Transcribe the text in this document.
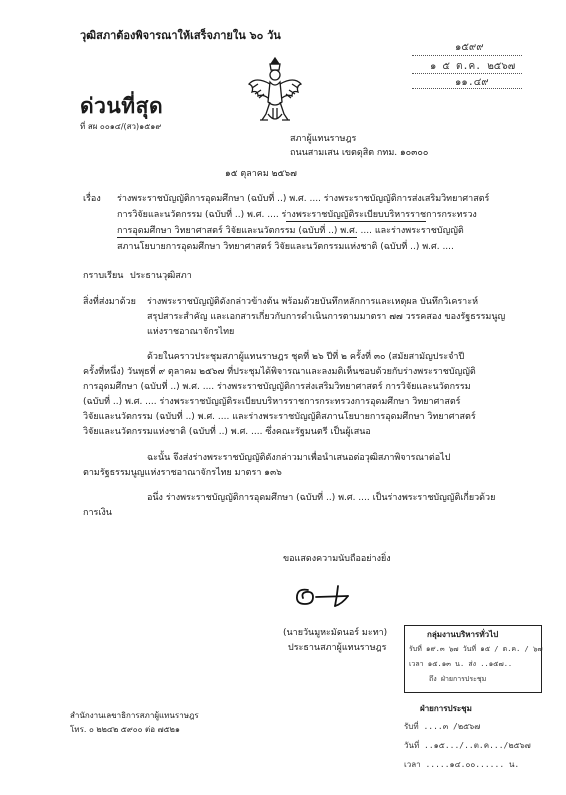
วุฒิสภาต้องพิจารณาให้เสร็จภายใน ๖๐ วัน
ด่วนที่สุด
ที่ สผ ๐๐๑๔/(สว)๑๕๑๙
๑๕๙๙
๑ ๕ ต.ค. ๒๕๖๗
๑๑.๔๙
สภาผู้แทนราษฎร
ถนนสามเสน เขตดุสิต กทม. ๑๐๓๐๐
๑๕ ตุลาคม ๒๕๖๗
เรื่อง ร่างพระราชบัญญัติการอุดมศึกษา (ฉบับที่ ..) พ.ศ. .... ร่างพระราชบัญญัติการส่งเสริมวิทยาศาสตร์
การวิจัยและนวัตกรรม (ฉบับที่ ..) พ.ศ. .... ร่างพระราชบัญญัติระเบียบบริหารราชการกระทรวง
การอุดมศึกษา วิทยาศาสตร์ วิจัยและนวัตกรรม (ฉบับที่ ..) พ.ศ. .... และร่างพระราชบัญญัติ
สภานโยบายการอุดมศึกษา วิทยาศาสตร์ วิจัยและนวัตกรรมแห่งชาติ (ฉบับที่ ..) พ.ศ. ....
กราบเรียน ประธานวุฒิสภา
สิ่งที่ส่งมาด้วย ร่างพระราชบัญญัติดังกล่าวข้างต้น พร้อมด้วยบันทึกหลักการและเหตุผล บันทึกวิเคราะห์
สรุปสาระสำคัญ และเอกสารเกี่ยวกับการดำเนินการตามมาตรา ๗๗ วรรคสอง ของรัฐธรรมนูญ
แห่งราชอาณาจักรไทย
ด้วยในคราวประชุมสภาผู้แทนราษฎร ชุดที่ ๒๖ ปีที่ ๒ ครั้งที่ ๓๐ (สมัยสามัญประจำปี
ครั้งที่หนึ่ง) วันพุธที่ ๙ ตุลาคม ๒๕๖๗ ที่ประชุมได้พิจารณาและลงมติเห็นชอบด้วยกับร่างพระราชบัญญัติ
การอุดมศึกษา (ฉบับที่ ..) พ.ศ. .... ร่างพระราชบัญญัติการส่งเสริมวิทยาศาสตร์ การวิจัยและนวัตกรรม
(ฉบับที่ ..) พ.ศ. .... ร่างพระราชบัญญัติระเบียบบริหารราชการกระทรวงการอุดมศึกษา วิทยาศาสตร์
วิจัยและนวัตกรรม (ฉบับที่ ..) พ.ศ. .... และร่างพระราชบัญญัติสภานโยบายการอุดมศึกษา วิทยาศาสตร์
วิจัยและนวัตกรรมแห่งชาติ (ฉบับที่ ..) พ.ศ. .... ซึ่งคณะรัฐมนตรี เป็นผู้เสนอ
ฉะนั้น จึงส่งร่างพระราชบัญญัติดังกล่าวมาเพื่อนำเสนอต่อวุฒิสภาพิจารณาต่อไป
ตามรัฐธรรมนูญแห่งราชอาณาจักรไทย มาตรา ๑๓๖
อนึ่ง ร่างพระราชบัญญัติการอุดมศึกษา (ฉบับที่ ..) พ.ศ. .... เป็นร่างพระราชบัญญัติเกี่ยวด้วย
การเงิน
ขอแสดงความนับถืออย่างยิ่ง
(นายวันมูหะมัดนอร์ มะทา)
ประธานสภาผู้แทนราษฎร
สำนักงานเลขาธิการสภาผู้แทนราษฎร
โทร. ๐ ๒๒๔๒ ๕๙๐๐ ต่อ ๗๕๒๑
กลุ่มงานบริหารทั่วไป
รับที่ ๑๙.๓ ๖๗ วันที่ ๑๕ / ต.ค. / ๖๗
เวลา ๑๕.๑๓ น. ส่ง ..๑๕๗..
ถึง ฝ่ายการประชุม
ฝ่ายการประชุม
รับที่ ....๓ /๒๕๖๗
วันที่ ..๑๕.../..ต.ค.../๒๕๖๗
เวลา .....๑๔.๐๐...... น.
